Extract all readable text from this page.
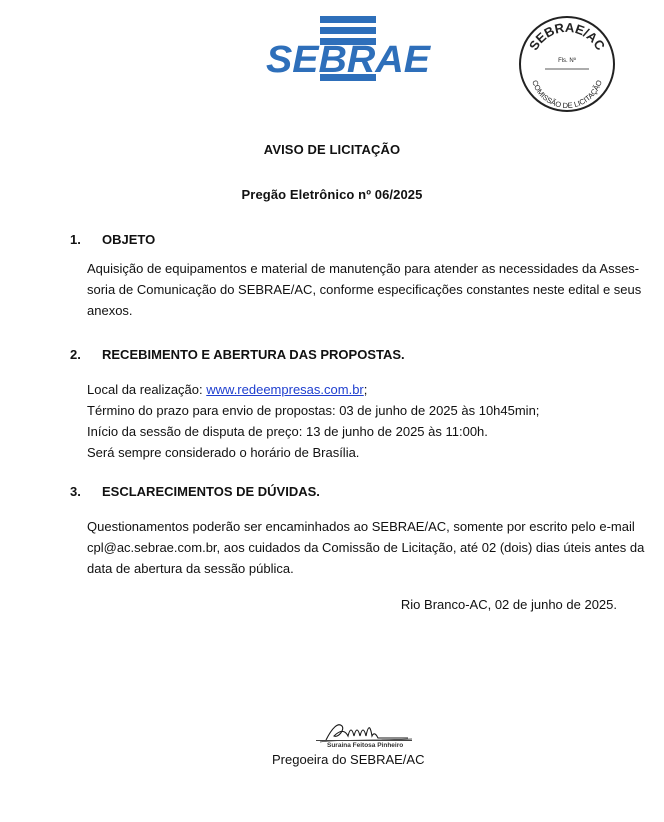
SEBRAE	SEBRAE/AC
Fls. Nº
COMISSÃO DE LICITAÇÃO
AVISO DE LICITAÇÃO
Pregão Eletrônico nº 06/2025
1. OBJETO
Aquisição de equipamentos e material de manutenção para atender as necessidades da Asses-
soria de Comunicação do SEBRAE/AC, conforme especificações constantes neste edital e seus
anexos.
2. RECEBIMENTO E ABERTURA DAS PROPOSTAS.
Local da realização: www.redeempresas.com.br;
Término do prazo para envio de propostas: 03 de junho de 2025 às 10h45min;
Início da sessão de disputa de preço: 13 de junho de 2025 às 11:00h.
Será sempre considerado o horário de Brasília.
3. ESCLARECIMENTOS DE DÚVIDAS.
Questionamentos poderão ser encaminhados ao SEBRAE/AC, somente por escrito pelo e-mail
cpl@ac.sebrae.com.br, aos cuidados da Comissão de Licitação, até 02 (dois) dias úteis antes da
data de abertura da sessão pública.
Rio Branco-AC, 02 de junho de 2025.
Suraina Feitosa Pinheiro
Pregoeira do SEBRAE/AC
